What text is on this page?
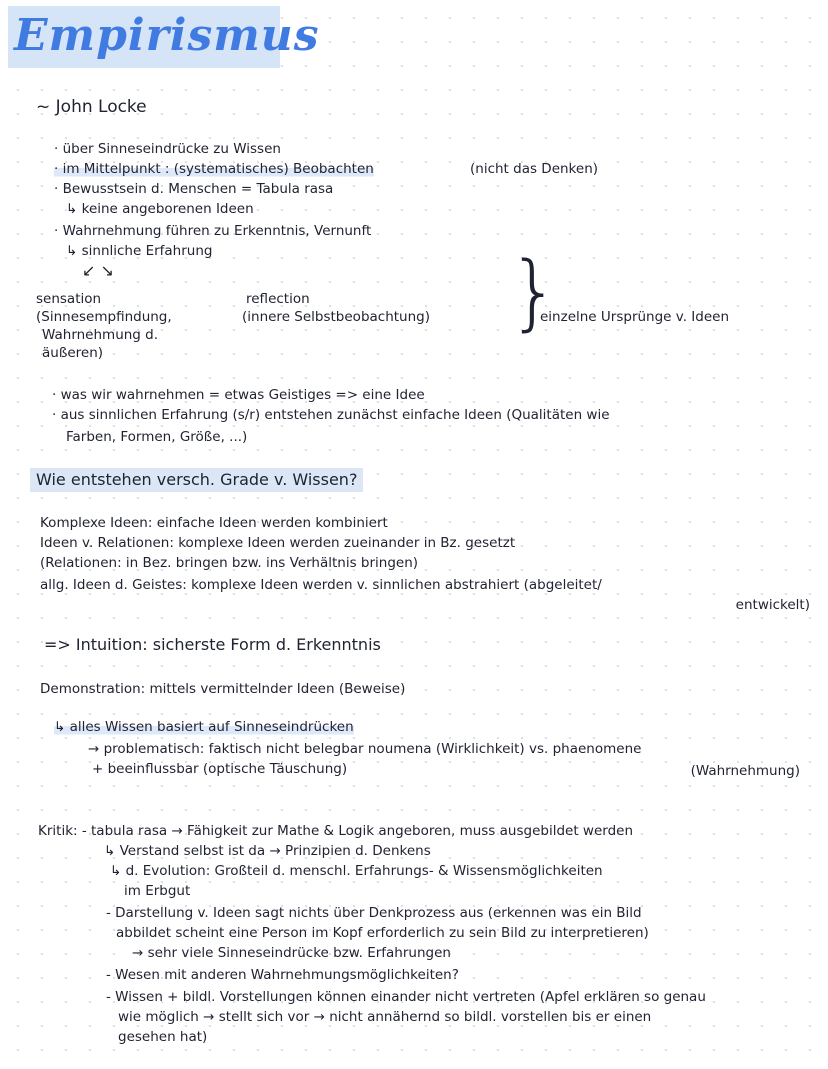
Empirismus
~ John Locke
· über Sinneseindrücke zu Wissen
· im Mittelpunkt : (systematisches) Beobachten	(nicht das Denken)
· Bewusstsein d. Menschen = Tabula rasa
↳ keine angeborenen Ideen
· Wahrnehmung führen zu Erkenntnis, Vernunft
↳ sinnliche Erfahrung
↙ ↘
sensation
(Sinnesempfindung,
Wahrnehmung d.
äußeren)
reflection
(innere Selbstbeobachtung) }
einzelne Ursprünge v. Ideen
· was wir wahrnehmen = etwas Geistiges => eine Idee
· aus sinnlichen Erfahrung (s/r) entstehen zunächst einfache Ideen (Qualitäten wie
Farben, Formen, Größe, ...)
Wie entstehen versch. Grade v. Wissen?
Komplexe Ideen: einfache Ideen werden kombiniert
Ideen v. Relationen: komplexe Ideen werden zueinander in Bz. gesetzt
(Relationen: in Bez. bringen bzw. ins Verhältnis bringen)
allg. Ideen d. Geistes: komplexe Ideen werden v. sinnlichen abstrahiert (abgeleitet/
entwickelt)
=> Intuition: sicherste Form d. Erkenntnis
Demonstration: mittels vermittelnder Ideen (Beweise)
↳ alles Wissen basiert auf Sinneseindrücken
→ problematisch: faktisch nicht belegbar noumena (Wirklichkeit) vs. phaenomene
+ beeinflussbar (optische Täuschung)	(Wahrnehmung)
Kritik: - tabula rasa → Fähigkeit zur Mathe & Logik angeboren, muss ausgebildet werden
↳ Verstand selbst ist da → Prinzipien d. Denkens
↳ d. Evolution: Großteil d. menschl. Erfahrungs- & Wissensmöglichkeiten
im Erbgut
- Darstellung v. Ideen sagt nichts über Denkprozess aus (erkennen was ein Bild
abbildet scheint eine Person im Kopf erforderlich zu sein Bild zu interpretieren)
→ sehr viele Sinneseindrücke bzw. Erfahrungen
- Wesen mit anderen Wahrnehmungsmöglichkeiten?
- Wissen + bildl. Vorstellungen können einander nicht vertreten (Apfel erklären so genau
wie möglich → stellt sich vor → nicht annähernd so bildl. vorstellen bis er einen
gesehen hat)
